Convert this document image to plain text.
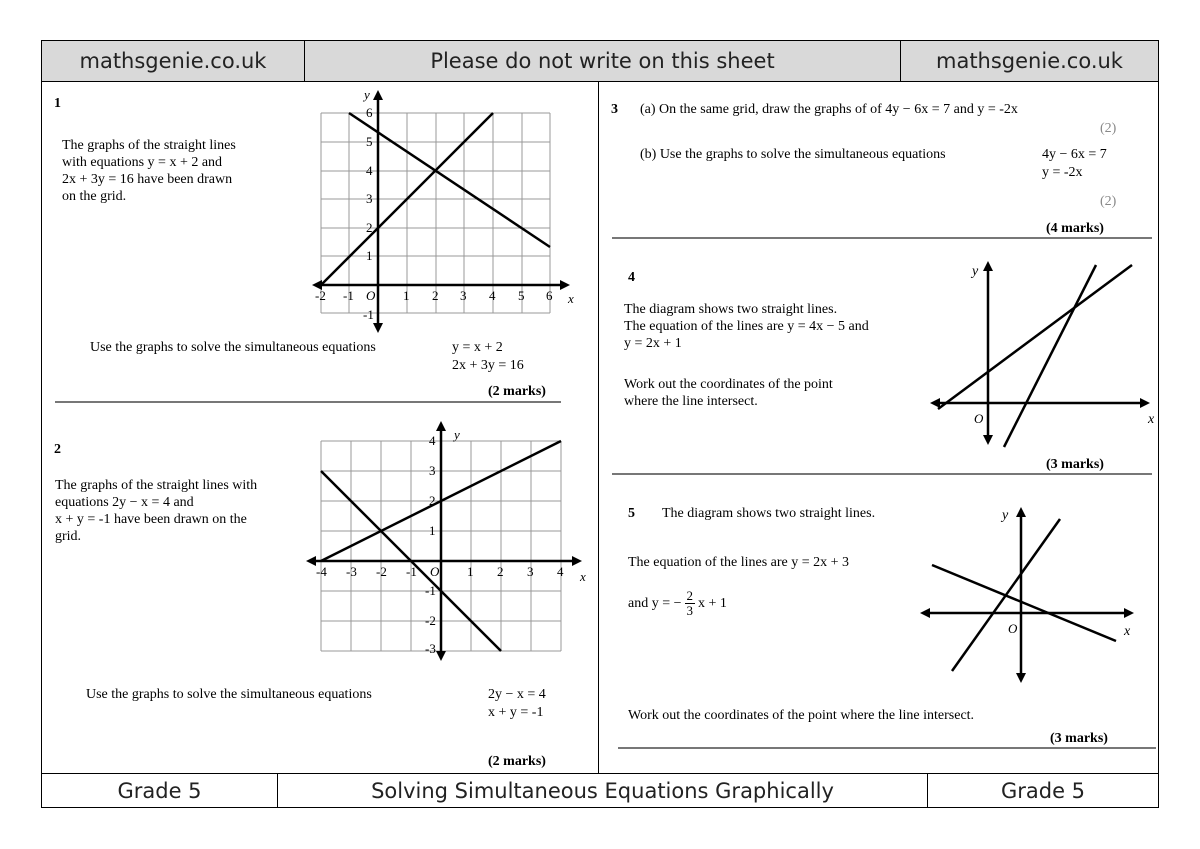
mathsgenie.co.uk	Please do not write on this sheet	mathsgenie.co.uk
1
The graphs of the straight lines
with equations y = x + 2 and
2x + 3y = 16 have been drawn
on the grid.
-2 -1	1 2 3 4 5 6
6
5
4
3
2
1
-1
O	x
y
Use the graphs to solve the simultaneous equations	y = x + 2
2x + 3y = 16
(2 marks)
2
The graphs of the straight lines with
equations 2y − x = 4 and
x + y = -1 have been drawn on the
grid.
-4 -3 -2 -1	1 2 3 4
4
3
2
1
-1
-2
-3
O	x
y
Use the graphs to solve the simultaneous equations	2y − x = 4
x + y = -1
(2 marks)
3 (a) On the same grid, draw the graphs of of 4y − 6x = 7 and y = -2x
(2)
(b) Use the graphs to solve the simultaneous equations	4y − 6x = 7
y = -2x
(2)
(4 marks)
4
The diagram shows two straight lines.
The equation of the lines are y = 4x − 5 and
y = 2x + 1
Work out the coordinates of the point
where the line intersect.
O	x
y
(3 marks)
5 The diagram shows two straight lines.
The equation of the lines are y = 2x + 3
and y = − $\frac{2}{3}$ x + 1
O	x
y
Work out the coordinates of the point where the line intersect.
(3 marks)
Grade 5	Solving Simultaneous Equations Graphically	Grade 5
